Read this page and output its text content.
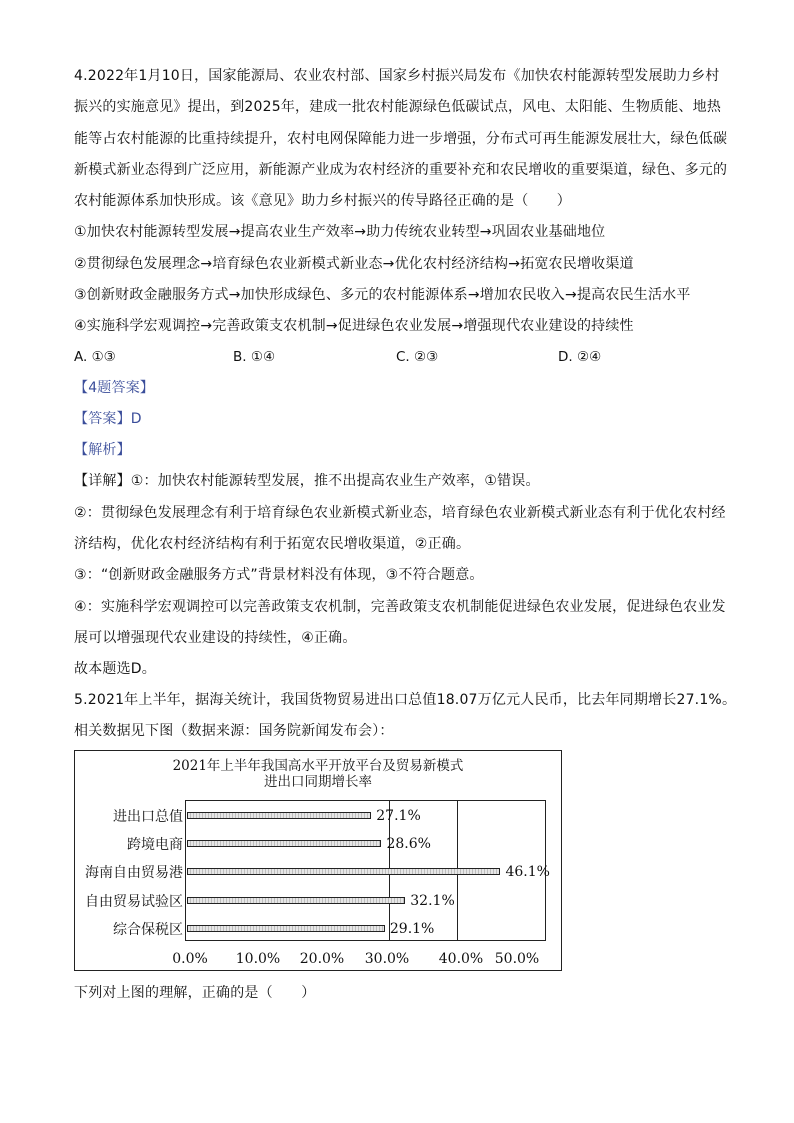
4.2022年1月10日，国家能源局、农业农村部、国家乡村振兴局发布《加快农村能源转型发展助力乡村
振兴的实施意见》提出，到2025年，建成一批农村能源绿色低碳试点，风电、太阳能、生物质能、地热
能等占农村能源的比重持续提升，农村电网保障能力进一步增强，分布式可再生能源发展壮大，绿色低碳
新模式新业态得到广泛应用，新能源产业成为农村经济的重要补充和农民增收的重要渠道，绿色、多元的
农村能源体系加快形成。该《意见》助力乡村振兴的传导路径正确的是（　　）
①加快农村能源转型发展→提高农业生产效率→助力传统农业转型→巩固农业基础地位
②贯彻绿色发展理念→培育绿色农业新模式新业态→优化农村经济结构→拓宽农民增收渠道
③创新财政金融服务方式→加快形成绿色、多元的农村能源体系→增加农民收入→提高农民生活水平
④实施科学宏观调控→完善政策支农机制→促进绿色农业发展→增强现代农业建设的持续性
A. ①③	B. ①④	C. ②③	D. ②④
【4题答案】
【答案】D
【解析】
【详解】①：加快农村能源转型发展，推不出提高农业生产效率，①错误。
②：贯彻绿色发展理念有利于培育绿色农业新模式新业态，培育绿色农业新模式新业态有利于优化农村经
济结构，优化农村经济结构有利于拓宽农民增收渠道，②正确。
③：“创新财政金融服务方式”背景材料没有体现，③不符合题意。
④：实施科学宏观调控可以完善政策支农机制，完善政策支农机制能促进绿色农业发展，促进绿色农业发
展可以增强现代农业建设的持续性，④正确。
故本题选D。
5.2021年上半年，据海关统计，我国货物贸易进出口总值18.07万亿元人民币，比去年同期增长27.1%。
相关数据见下图（数据来源：国务院新闻发布会）：
2021年上半年我国高水平开放平台及贸易新模式
进出口同期增长率
进出口总值	27.1%
跨境电商	28.6%
海南自由贸易港	46.1%
自由贸易试验区	32.1%
综合保税区	29.1%
0.0% 10.0% 20.0% 30.0% 40.0% 50.0%
下列对上图的理解，正确的是（　　）
